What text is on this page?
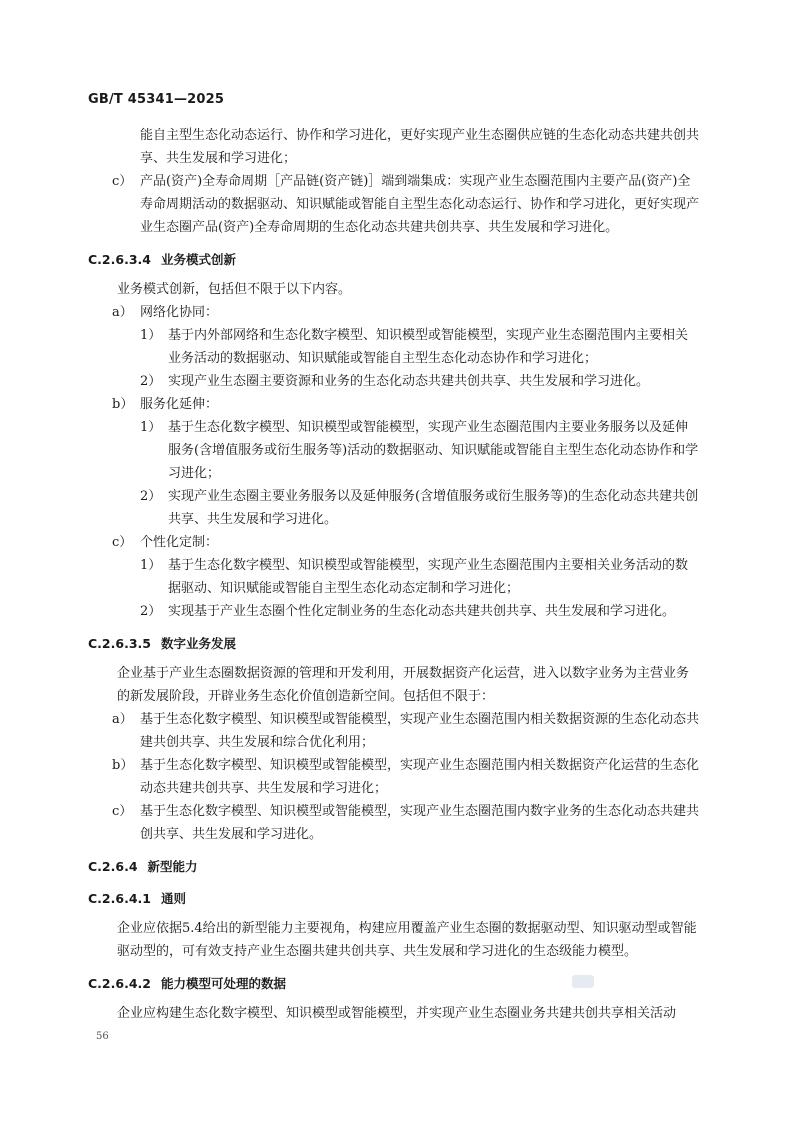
GB/T 45341—2025
能自主型生态化动态运行、协作和学习进化，更好实现产业生态圈供应链的生态化动态共建共创共享、共生发展和学习进化；
c） 产品(资产)全寿命周期［产品链(资产链)］端到端集成：实现产业生态圈范围内主要产品(资产)全寿命周期活动的数据驱动、知识赋能或智能自主型生态化动态运行、协作和学习进化，更好实现产业生态圈产品(资产)全寿命周期的生态化动态共建共创共享、共生发展和学习进化。
C.2.6.3.4 业务模式创新
业务模式创新，包括但不限于以下内容。
a） 网络化协同：
1） 基于内外部网络和生态化数字模型、知识模型或智能模型，实现产业生态圈范围内主要相关业务活动的数据驱动、知识赋能或智能自主型生态化动态协作和学习进化；
2） 实现产业生态圈主要资源和业务的生态化动态共建共创共享、共生发展和学习进化。
b） 服务化延伸：
1） 基于生态化数字模型、知识模型或智能模型，实现产业生态圈范围内主要业务服务以及延伸服务(含增值服务或衍生服务等)活动的数据驱动、知识赋能或智能自主型生态化动态协作和学习进化；
2） 实现产业生态圈主要业务服务以及延伸服务(含增值服务或衍生服务等)的生态化动态共建共创共享、共生发展和学习进化。
c） 个性化定制：
1） 基于生态化数字模型、知识模型或智能模型，实现产业生态圈范围内主要相关业务活动的数据驱动、知识赋能或智能自主型生态化动态定制和学习进化；
2） 实现基于产业生态圈个性化定制业务的生态化动态共建共创共享、共生发展和学习进化。
C.2.6.3.5 数字业务发展
企业基于产业生态圈数据资源的管理和开发利用，开展数据资产化运营，进入以数字业务为主营业务的新发展阶段，开辟业务生态化价值创造新空间。包括但不限于：
a） 基于生态化数字模型、知识模型或智能模型，实现产业生态圈范围内相关数据资源的生态化动态共建共创共享、共生发展和综合优化利用；
b） 基于生态化数字模型、知识模型或智能模型，实现产业生态圈范围内相关数据资产化运营的生态化动态共建共创共享、共生发展和学习进化；
c） 基于生态化数字模型、知识模型或智能模型，实现产业生态圈范围内数字业务的生态化动态共建共创共享、共生发展和学习进化。
C.2.6.4 新型能力
C.2.6.4.1 通则
企业应依据5.4给出的新型能力主要视角，构建应用覆盖产业生态圈的数据驱动型、知识驱动型或智能驱动型的，可有效支持产业生态圈共建共创共享、共生发展和学习进化的生态级能力模型。
C.2.6.4.2 能力模型可处理的数据
企业应构建生态化数字模型、知识模型或智能模型，并实现产业生态圈业务共建共创共享相关活动
56
